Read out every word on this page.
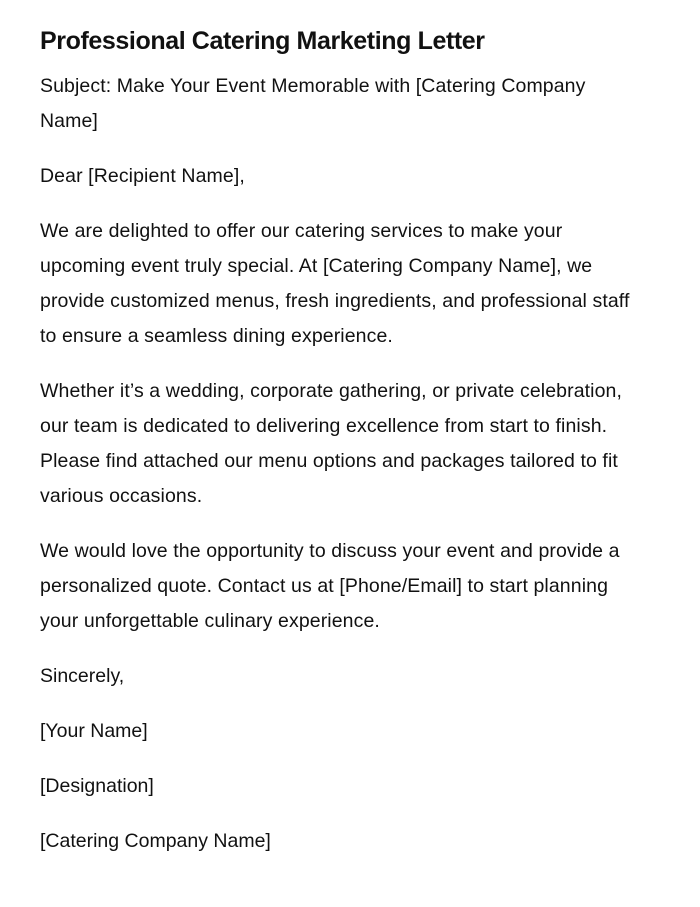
Professional Catering Marketing Letter

Subject: Make Your Event Memorable with [Catering Company Name]

Dear [Recipient Name],

We are delighted to offer our catering services to make your upcoming event truly special. At [Catering Company Name], we provide customized menus, fresh ingredients, and professional staff to ensure a seamless dining experience.

Whether it’s a wedding, corporate gathering, or private celebration, our team is dedicated to delivering excellence from start to finish. Please find attached our menu options and packages tailored to fit various occasions.

We would love the opportunity to discuss your event and provide a personalized quote. Contact us at [Phone/Email] to start planning your unforgettable culinary experience.

Sincerely,

[Your Name]

[Designation]

[Catering Company Name]
